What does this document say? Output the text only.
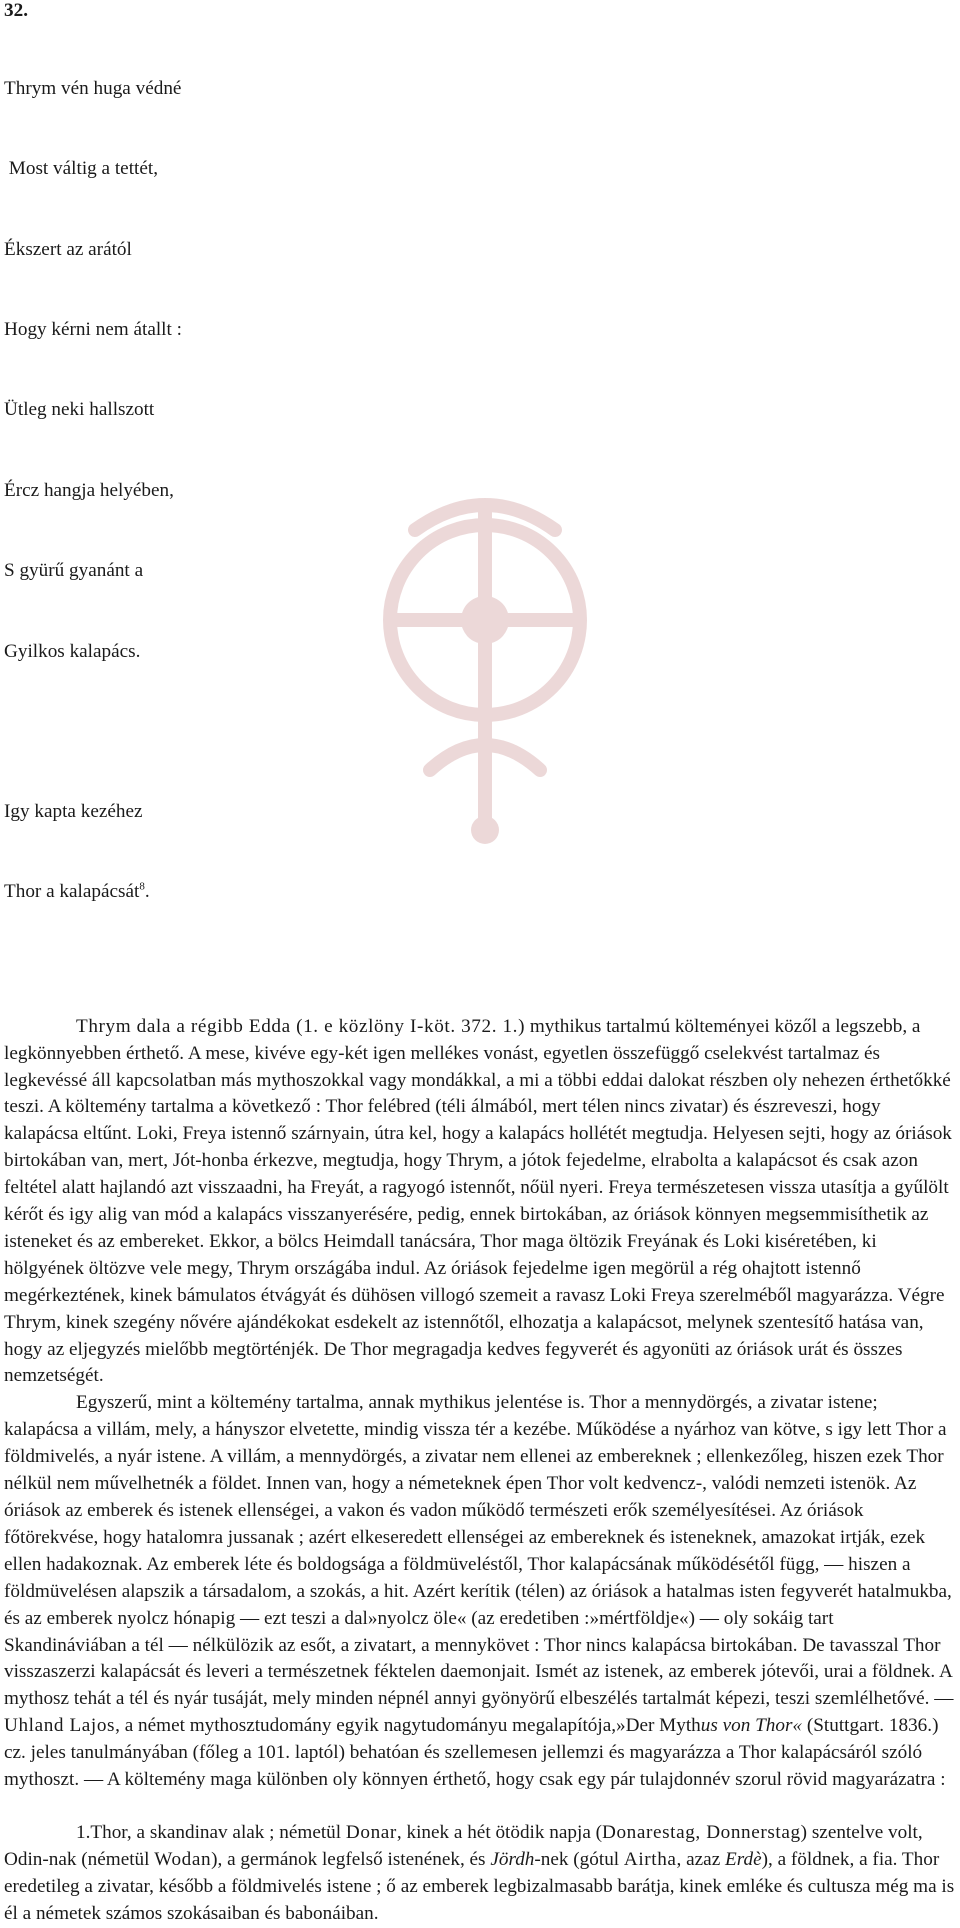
32.

Thrym vén huga védné

Most váltig a tettét,

Ékszert az arától

Hogy kérni nem átallt :

Ütleg neki hallszott

Ércz hangja helyében,

S gyürű gyanánt a

Gyilkos kalapács.

Igy kapta kezéhez

Thor a kalapácsát$^8$.

Thrym dala a régibb Edda (1. e közlöny I-köt. 372. 1.) mythikus tartalmú költeményei közől a legszebb, a legkönnyebben érthető. A mese, kivéve egy-két igen mellékes vonást, egyetlen összefüggő cselekvést tartalmaz és legkevéssé áll kapcsolatban más mythoszokkal vagy mondákkal, a mi a többi eddai dalokat részben oly nehezen érthetőkké teszi. A költemény tartalma a következő : Thor felébred (téli álmából, mert télen nincs zivatar) és észreveszi, hogy kalapácsa eltűnt. Loki, Freya istennő szárnyain, útra kel, hogy a kalapács hollétét megtudja. Helyesen sejti, hogy az óriások birtokában van, mert, Jót-honba érkezve, megtudja, hogy Thrym, a jótok fejedelme, elrabolta a kalapácsot és csak azon feltétel alatt hajlandó azt visszaadni, ha Freyát, a ragyogó istennőt, nőül nyeri. Freya természetesen vissza utasítja a gyűlölt kérőt és igy alig van mód a kalapács visszanyerésére, pedig, ennek birtokában, az óriások könnyen megsemmisíthetik az isteneket és az embereket. Ekkor, a bölcs Heimdall tanácsára, Thor maga öltözik Freyának és Loki kiséretében, ki hölgyének öltözve vele megy, Thrym országába indul. Az óriások fejedelme igen megörül a rég ohajtott istennő megérkeztének, kinek bámulatos étvágyát és dühösen villogó szemeit a ravasz Loki Freya szerelméből magyarázza. Végre Thrym, kinek szegény nővére ajándékokat esdekelt az istennőtől, elhozatja a kalapácsot, melynek szentesítő hatása van, hogy az eljegyzés mielőbb megtörténjék. De Thor megragadja kedves fegyverét és agyonüti az óriások urát és összes nemzetségét.

Egyszerű, mint a költemény tartalma, annak mythikus jelentése is. Thor a mennydörgés, a zivatar istene; kalapácsa a villám, mely, a hányszor elvetette, mindig vissza tér a kezébe. Működése a nyárhoz van kötve, s igy lett Thor a földmivelés, a nyár istene. A villám, a mennydörgés, a zivatar nem ellenei az embereknek ; ellenkezőleg, hiszen ezek Thor nélkül nem művelhetnék a földet. Innen van, hogy a németeknek épen Thor volt kedvencz-, valódi nemzeti istenök. Az óriások az emberek és istenek ellenségei, a vakon és vadon működő természeti erők személyesítései. Az óriások főtörekvése, hogy hatalomra jussanak ; azért elkeseredett ellenségei az embereknek és isteneknek, amazokat irtják, ezek ellen hadakoznak. Az emberek léte és boldogsága a földmüveléstől, Thor kalapácsának működésétől függ, — hiszen a földmüvelésen alapszik a társadalom, a szokás, a hit. Azért kerítik (télen) az óriások a hatalmas isten fegyverét hatalmukba, és az emberek nyolcz hónapig — ezt teszi a dal»nyolcz öle« (az eredetiben :»mértföldje«) — oly sokáig tart Skandináviában a tél — nélkülözik az esőt, a zivatart, a mennykövet : Thor nincs kalapácsa birtokában. De tavasszal Thor visszaszerzi kalapácsát és leveri a természetnek féktelen daemonjait. Ismét az istenek, az emberek jótevői, urai a földnek. A mythosz tehát a tél és nyár tusáját, mely minden népnél annyi gyönyörű elbeszélés tartalmát képezi, teszi szemlélhetővé. — Uhland Lajos, a német mythosztudomány egyik nagytudományu megalapítója,»Der Mythus von Thor« (Stuttgart. 1836.) cz. jeles tanulmányában (főleg a 101. laptól) behatóan és szellemesen jellemzi és magyarázza a Thor kalapácsáról szóló mythoszt. — A költemény maga különben oly könnyen érthető, hogy csak egy pár tulajdonnév szorul rövid magyarázatra :

1.Thor, a skandinav alak ; németül Donar, kinek a hét ötödik napja (Donarestag, Donnerstag) szentelve volt, Odin-nak (németül Wodan), a germánok legfelső istenének, és Jördh-nek (gótul Airtha, azaz Erdè), a földnek, a fia. Thor eredetileg a zivatar, később a földmivelés istene ; ő az emberek legbizalmasabb barátja, kinek emléke és cultusza még ma is él a németek számos szokásaiban és babonáiban.
